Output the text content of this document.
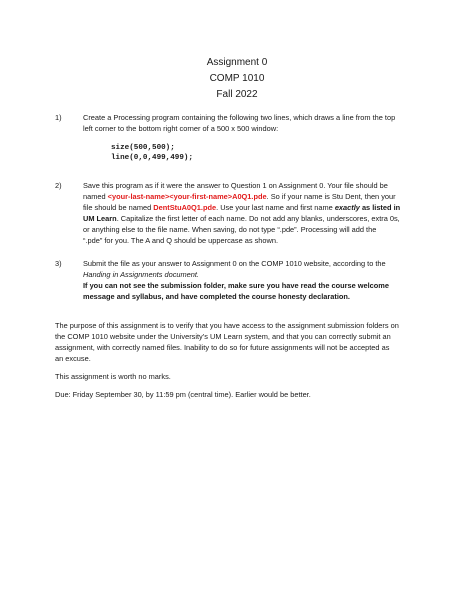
Assignment 0
COMP 1010
Fall 2022
1)	Create a Processing program containing the following two lines, which draws a line from the top
left corner to the bottom right corner of a 500 x 500 window:
size(500,500);
line(0,0,499,499);
2)	Save this program as if it were the answer to Question 1 on Assignment 0. Your file should be
named <your-last-name><your-first-name>A0Q1.pde. So if your name is Stu Dent, then your
file should be named DentStuA0Q1.pde. Use your last name and first name exactly as listed in
UM Learn. Capitalize the first letter of each name. Do not add any blanks, underscores, extra 0s,
or anything else to the file name. When saving, do not type “.pde”. Processing will add the
“.pde” for you. The A and Q should be uppercase as shown.
3)	Submit the file as your answer to Assignment 0 on the COMP 1010 website, according to the
Handing in Assignments document.
If you can not see the submission folder, make sure you have read the course welcome
message and syllabus, and have completed the course honesty declaration.
The purpose of this assignment is to verify that you have access to the assignment submission folders on
the COMP 1010 website under the University’s UM Learn system, and that you can correctly submit an
assignment, with correctly named files. Inability to do so for future assignments will not be accepted as
an excuse.
This assignment is worth no marks.
Due: Friday September 30, by 11:59 pm (central time). Earlier would be better.
